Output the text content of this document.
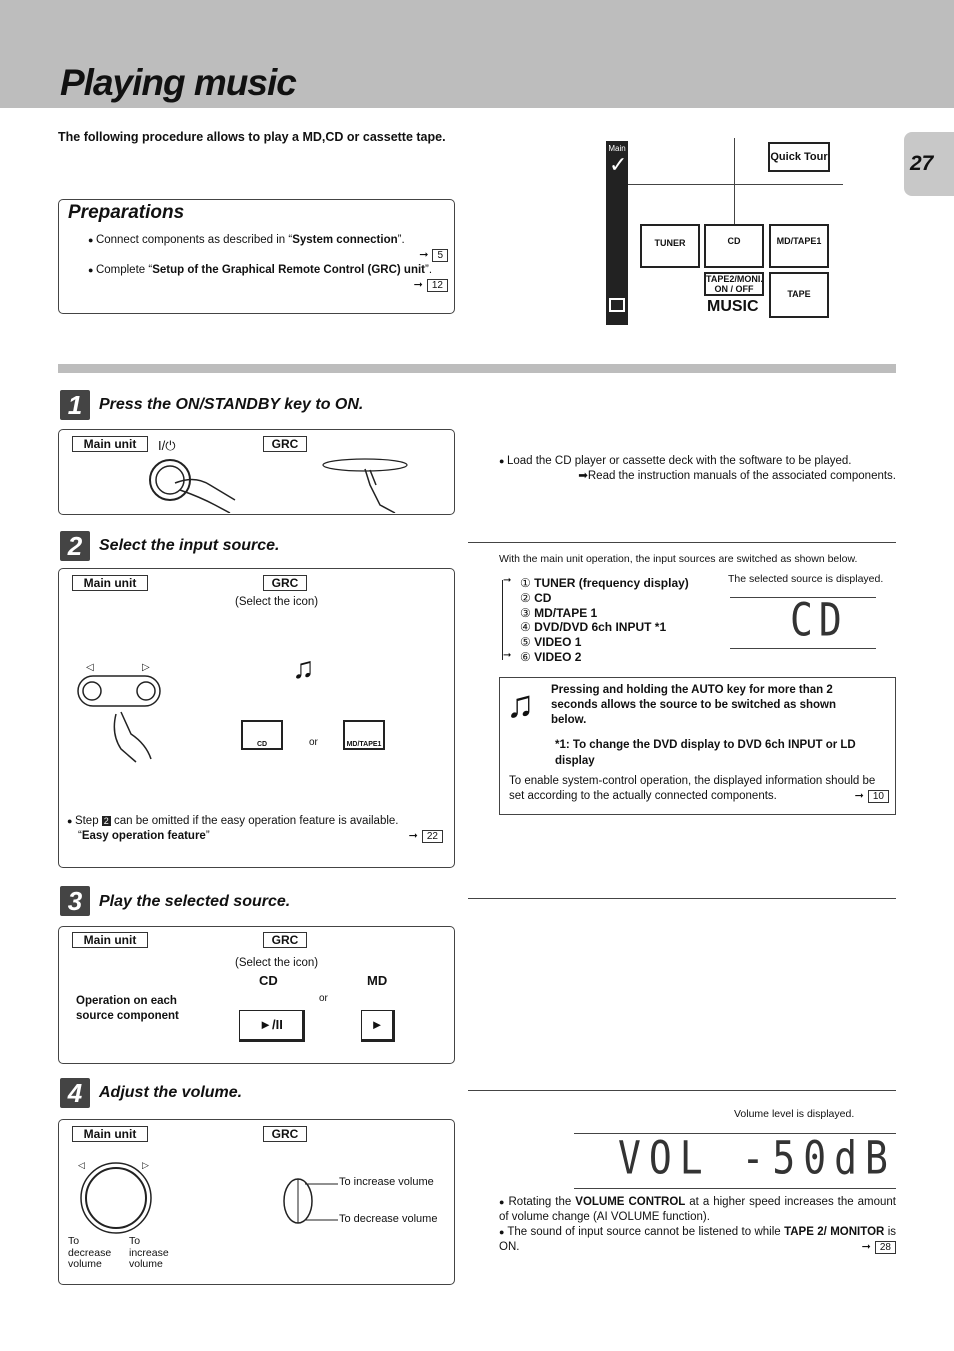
Playing music
27
The following procedure allows to play a MD,CD or cassette tape.
Preparations
● Connect components as described in “System connection”.
➞ 5
● Complete “Setup of the Graphical Remote Control (GRC) unit”.
➞ 12
Main
✓	Quick Tour
TUNER	CD	MD/TAPE1
TAPE2/MONI.
ON / OFF
MUSIC
TAPE
1	Press the ON/STANDBY key to ON.
Main unit	GRC
I/⏻
● Load the CD player or cassette deck with the software to be played.
➡Read the instruction manuals of the associated components.
2	Select the input source.
Main unit	GRC
(Select the icon)
◁	▷	♫
CD	or	MD/TAPE1
● Step 2 can be omitted if the easy operation feature is available.
“Easy operation feature”	➞ 22
With the main unit operation, the input sources are switched as shown below.
➞
➞
① TUNER (frequency display)
② CD
③ MD/TAPE 1
④ DVD/DVD 6ch INPUT *1
⑤ VIDEO 1
⑥ VIDEO 2
The selected source is displayed.
CD
♫ Pressing and holding the AUTO key for more than 2 seconds allows the source to be switched as shown below.
*1: To change the DVD display to DVD 6ch INPUT or LD display
To enable system-control operation, the displayed information should be set according to the actually connected components.	➞ 10
3	Play the selected source.
Main unit	GRC
(Select the icon)
CD	MD
or
Operation on each source component
►/II	►
4	Adjust the volume.
Main unit	GRC
◁	▷
To decrease volume
To increase volume
To increase volume
To decrease volume
Volume level is displayed.
VOL -50dB
● Rotating the VOLUME CONTROL at a higher speed increases the amount of volume change (AI VOLUME function).
● The sound of input source cannot be listened to while TAPE 2/ MONITOR is ON.	➞ 28
